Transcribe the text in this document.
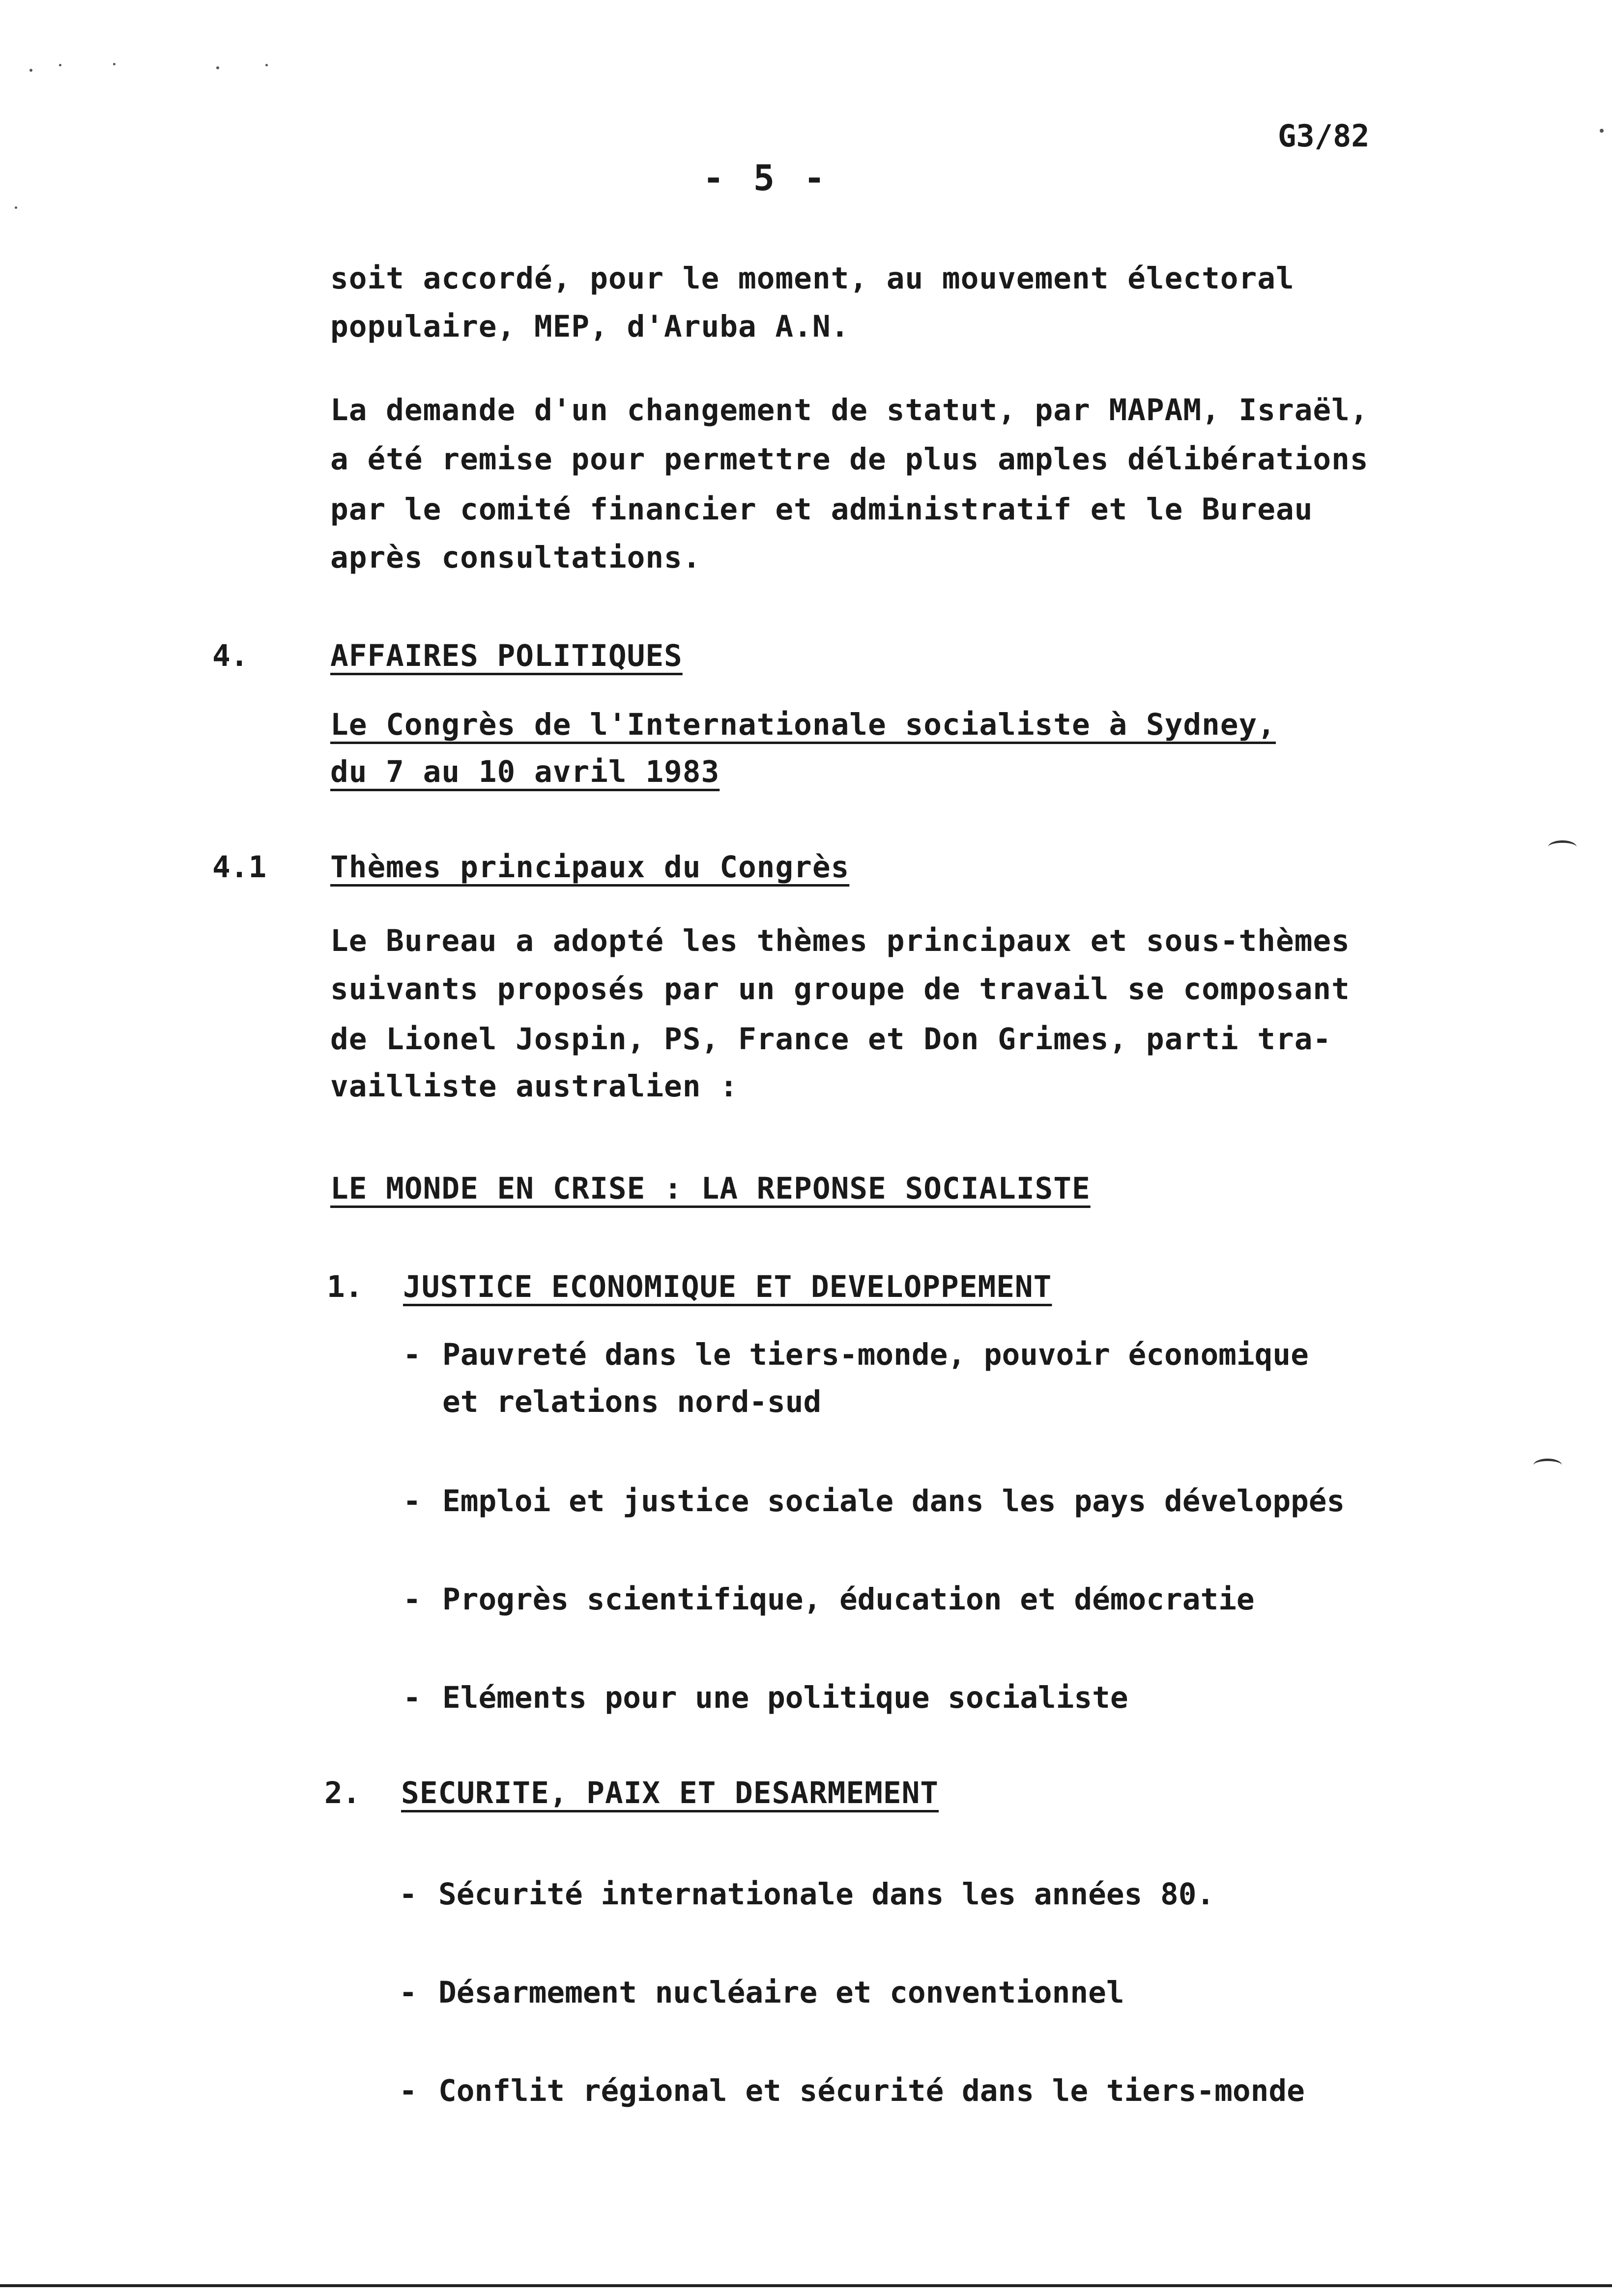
G3/82
- 5 -
soit accordé, pour le moment, au mouvement électoral
populaire, MEP, d'Aruba A.N.
La demande d'un changement de statut, par MAPAM, Israël,
a été remise pour permettre de plus amples délibérations
par le comité financier et administratif et le Bureau
après consultations.
4.	AFFAIRES POLITIQUES
Le Congrès de l'Internationale socialiste à Sydney,
du 7 au 10 avril 1983
4.1 Thèmes principaux du Congrès
Le Bureau a adopté les thèmes principaux et sous-thèmes
suivants proposés par un groupe de travail se composant
de Lionel Jospin, PS, France et Don Grimes, parti tra-
vailliste australien :
LE MONDE EN CRISE : LA REPONSE SOCIALISTE
1. JUSTICE ECONOMIQUE ET DEVELOPPEMENT
- Pauvreté dans le tiers-monde, pouvoir économique
et relations nord-sud
- Emploi et justice sociale dans les pays développés
- Progrès scientifique, éducation et démocratie
- Eléments pour une politique socialiste
2. SECURITE, PAIX ET DESARMEMENT
- Sécurité internationale dans les années 80.
- Désarmement nucléaire et conventionnel
- Conflit régional et sécurité dans le tiers-monde
